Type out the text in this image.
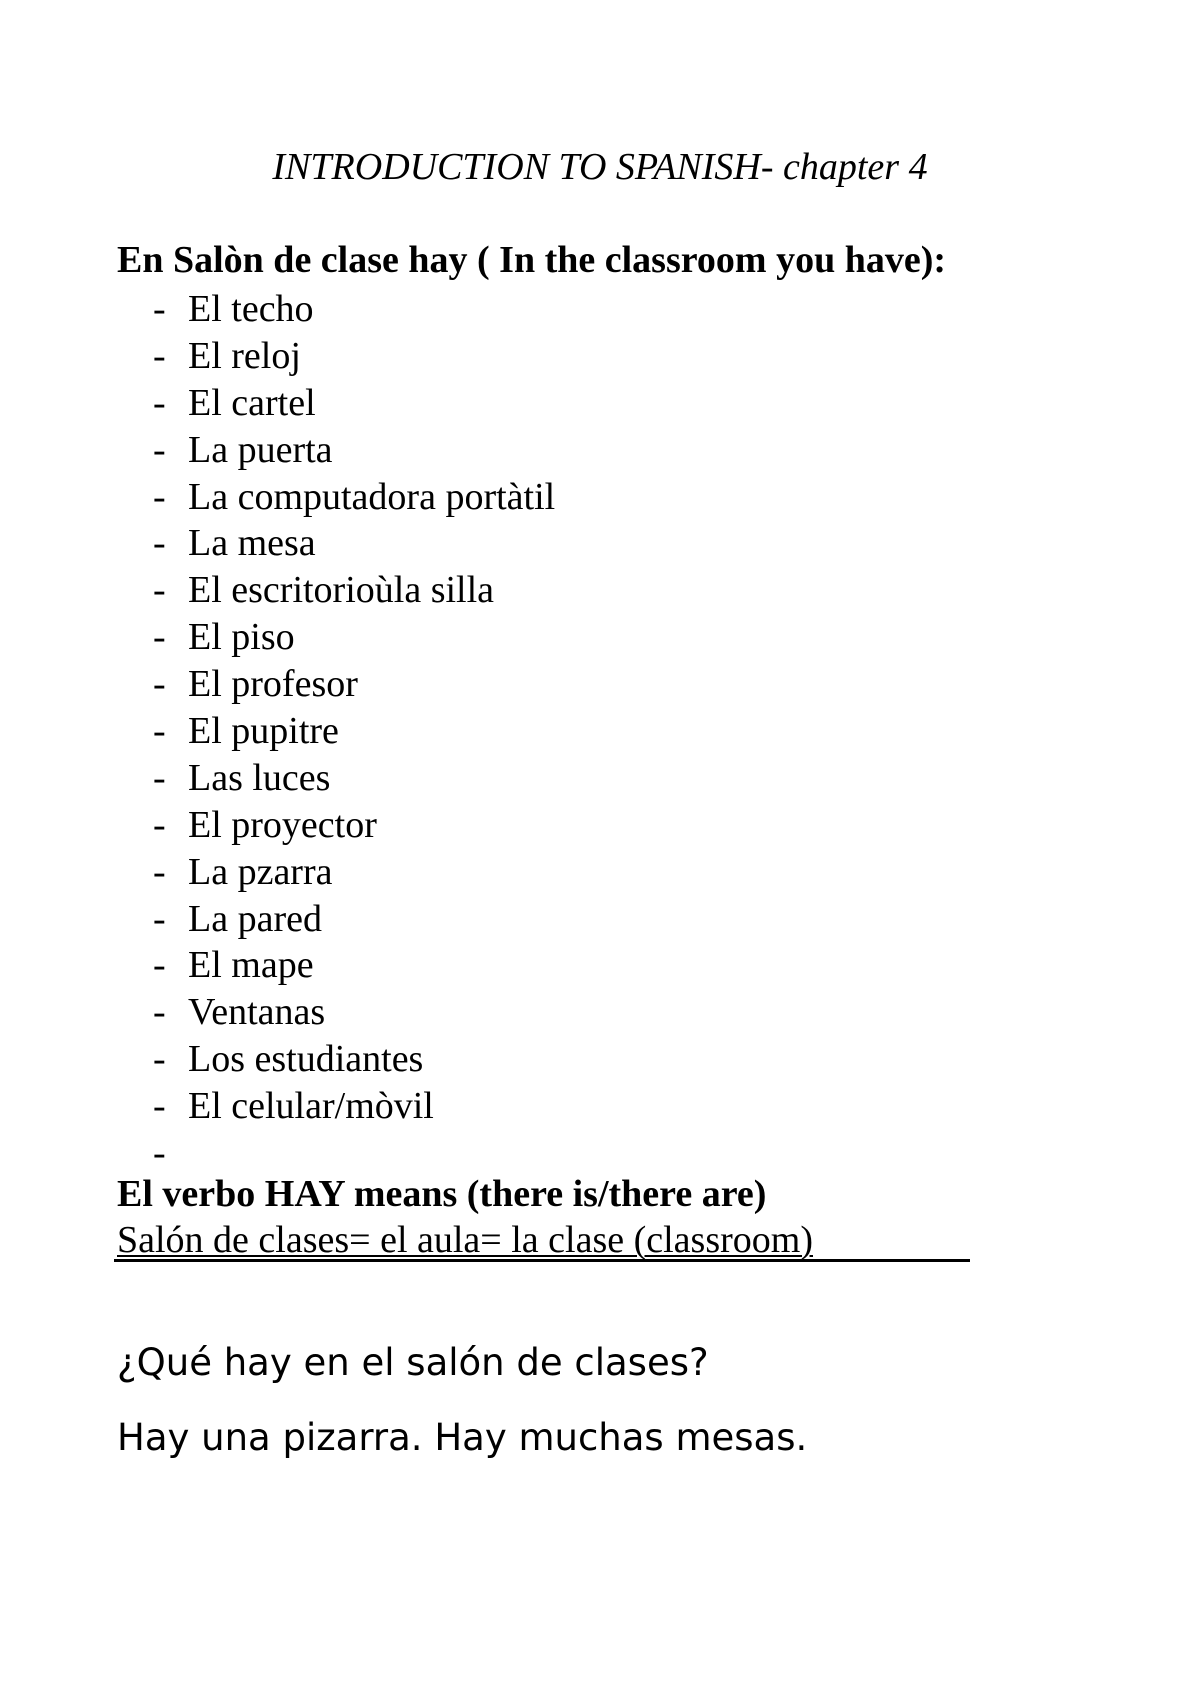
INTRODUCTION TO SPANISH- chapter 4
En Salòn de clase hay ( In the classroom you have):
- El techo
- El reloj
- El cartel
- La puerta
- La computadora portàtil
- La mesa
- El escritorioùla silla
- El piso
- El profesor
- El pupitre
- Las luces
- El proyector
- La pzarra
- La pared
- El mape
- Ventanas
- Los estudiantes
- El celular/mòvil
-
El verbo HAY means (there is/there are)
Salón de clases= el aula= la clase (classroom)
¿Qué hay en el salón de clases?
Hay una pizarra. Hay muchas mesas.
